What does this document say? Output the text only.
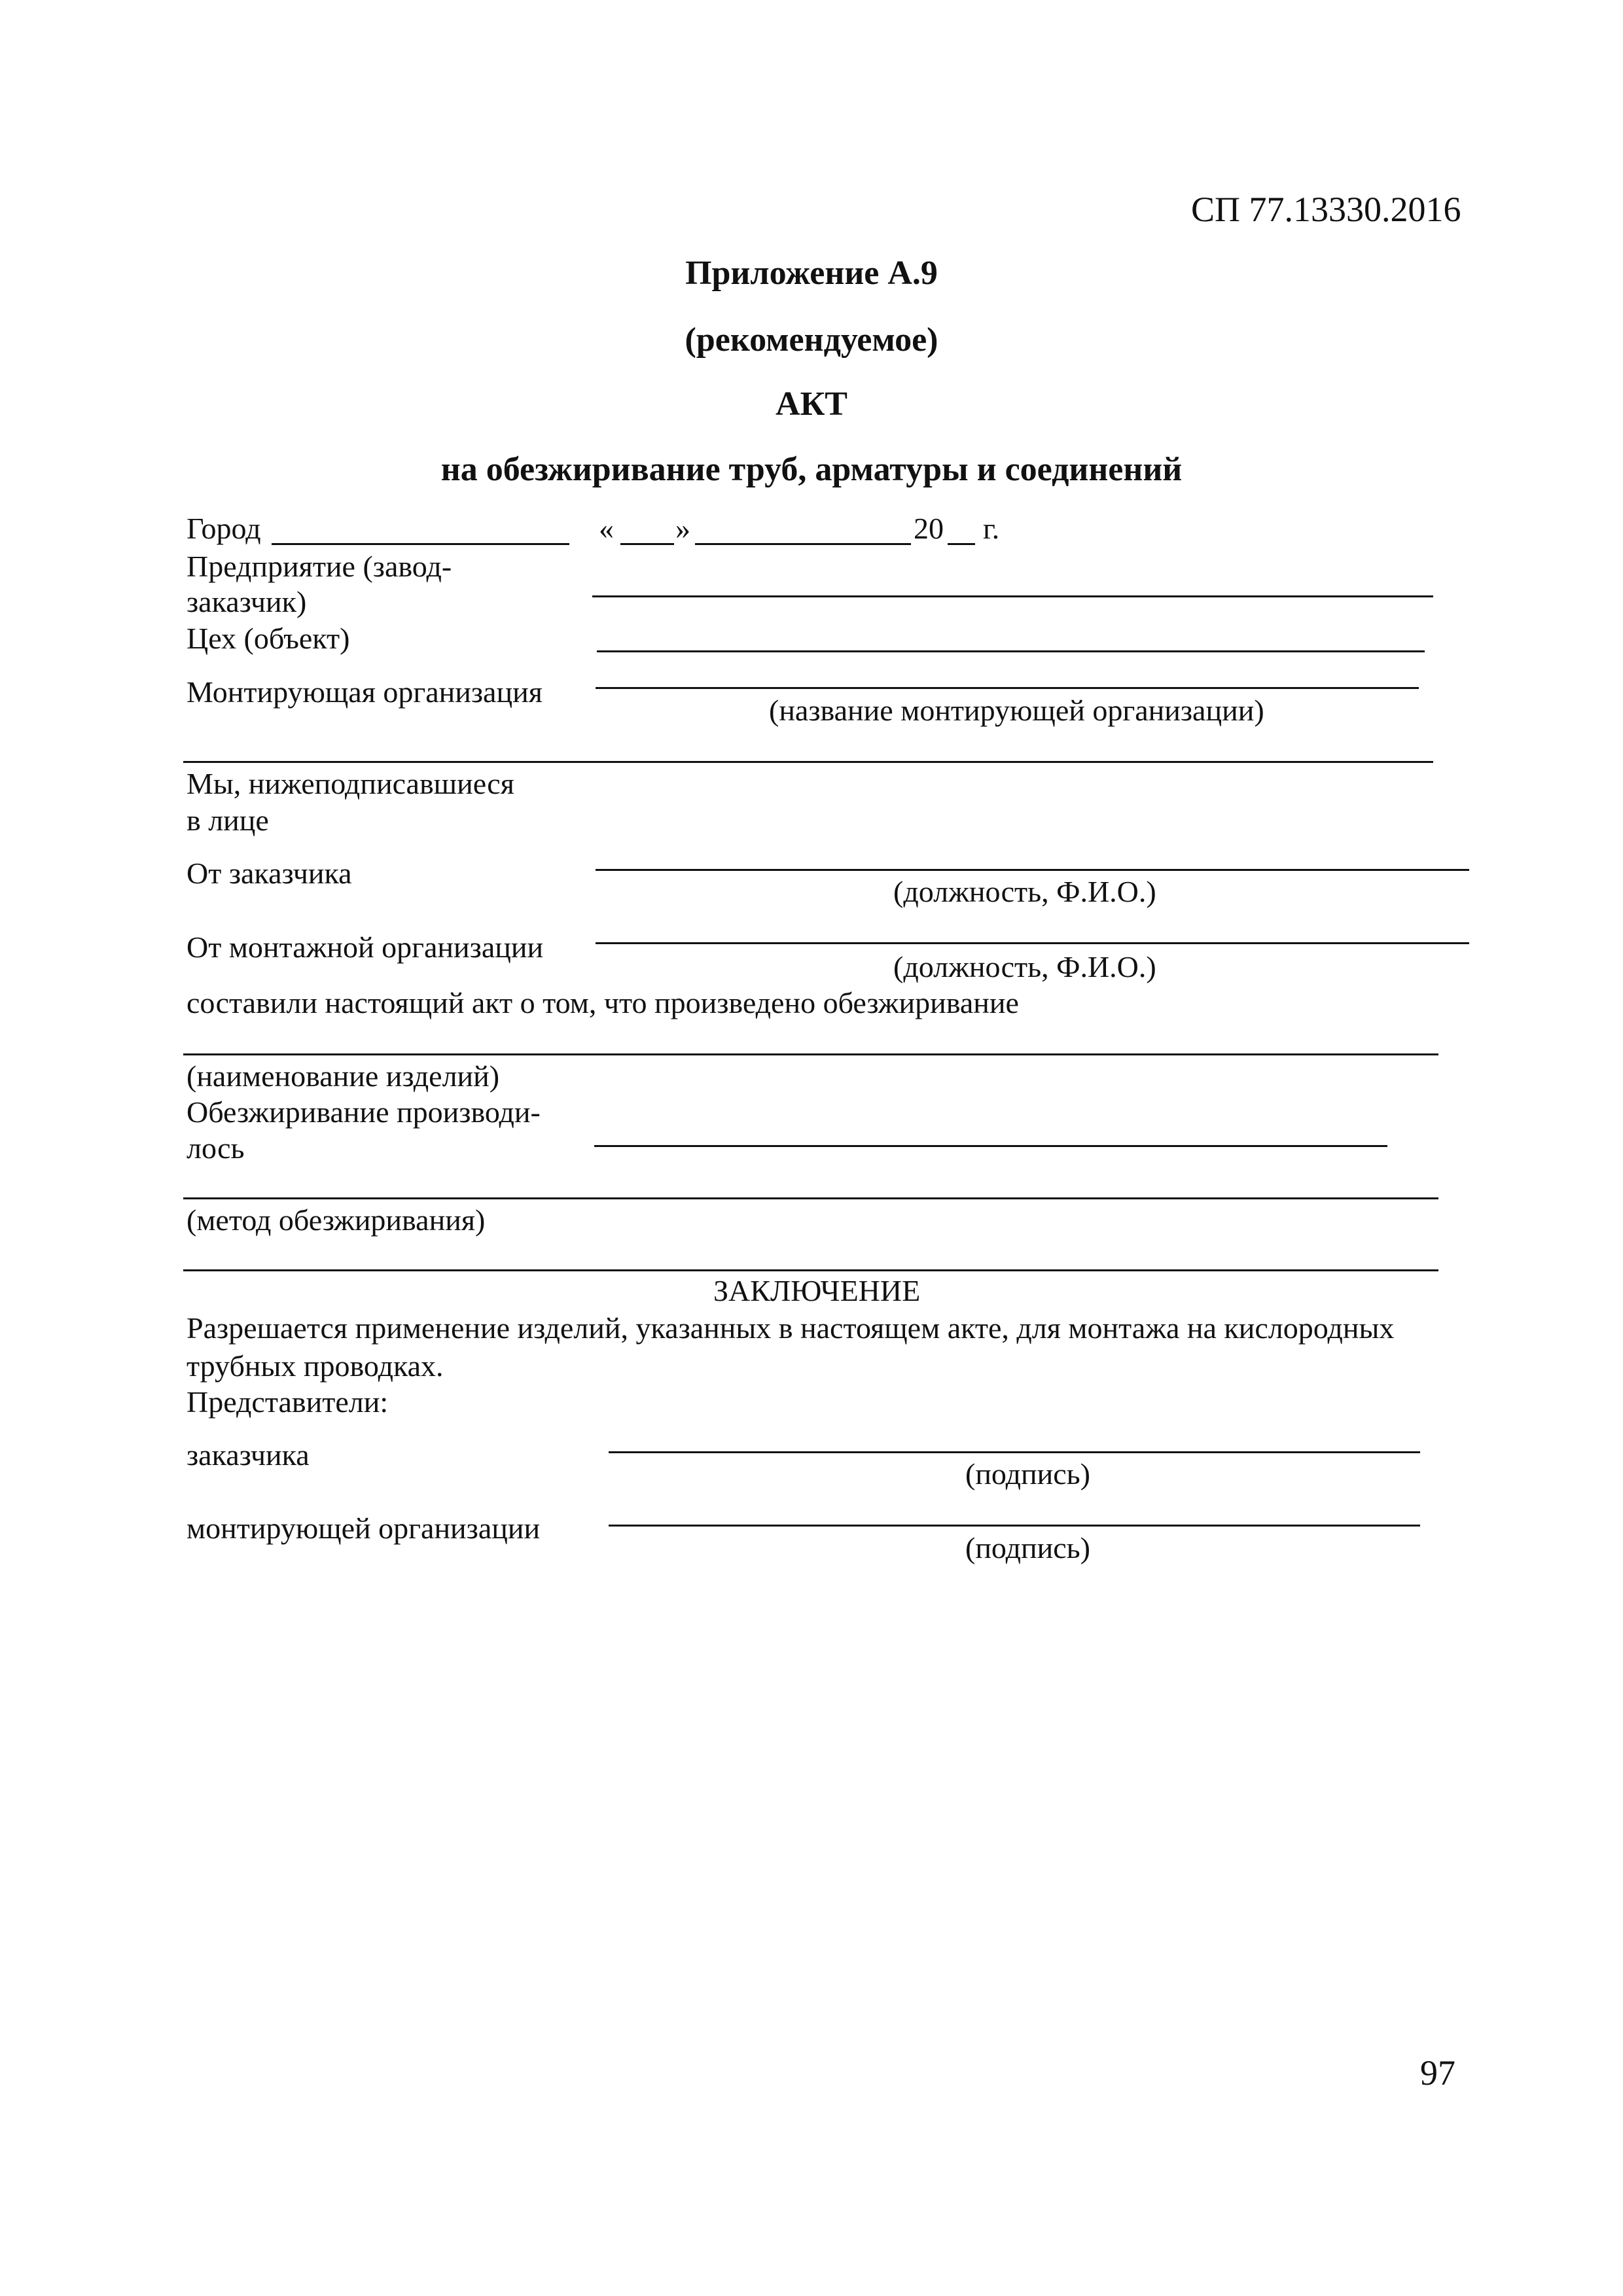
СП 77.13330.2016
Приложение А.9
(рекомендуемое)
АКТ
на обезжиривание труб, арматуры и соединений
Город	« »	20 г.
Предприятие (завод-
заказчик)
Цех (объект)
Монтирующая организация
(название монтирующей организации)
Мы, нижеподписавшиеся
в лице
От заказчика
(должность, Ф.И.О.)
От монтажной организации
(должность, Ф.И.О.)
составили настоящий акт о том, что произведено обезжиривание
(наименование изделий)
Обезжиривание производи-
лось
(метод обезжиривания)
ЗАКЛЮЧЕНИЕ
Разрешается применение изделий, указанных в настоящем акте, для монтажа на кислородных
трубных проводках.
Представители:
заказчика
(подпись)
монтирующей организации
(подпись)
97
